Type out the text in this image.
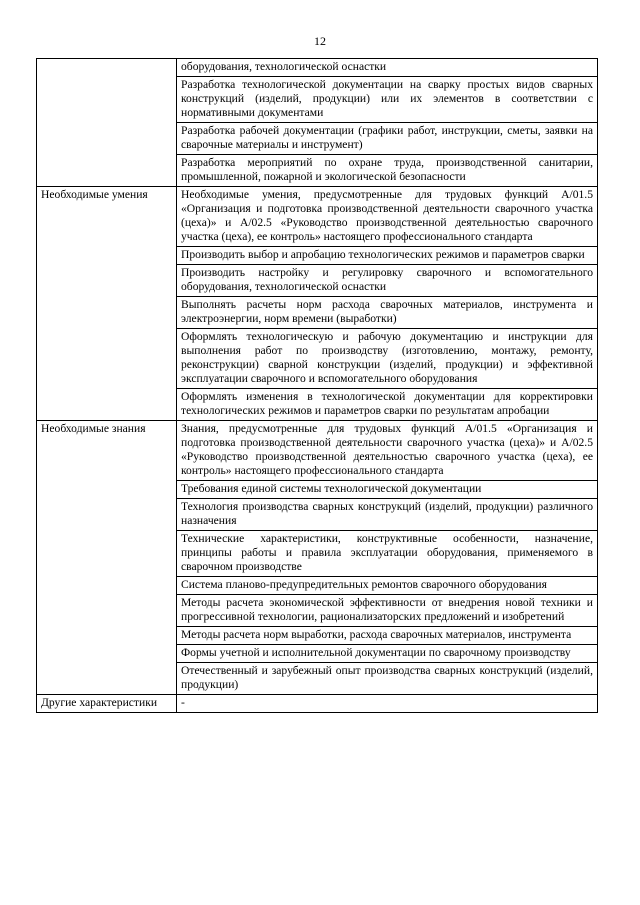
12
	оборудования, технологической оснастки
	Разработка технологической документации на сварку простых видов сварных конструкций (изделий, продукции) или их элементов в соответствии с нормативными документами
	Разработка рабочей документации (графики работ, инструкции, сметы, заявки на сварочные материалы и инструмент)
	Разработка мероприятий по охране труда, производственной санитарии, промышленной, пожарной и экологической безопасности
Необходимые умения	Необходимые умения, предусмотренные для трудовых функций А/01.5 «Организация и подготовка производственной деятельности сварочного участка (цеха)» и А/02.5 «Руководство производственной деятельностью сварочного участка (цеха), ее контроль» настоящего профессионального стандарта
	Производить выбор и апробацию технологических режимов и параметров сварки
	Производить настройку и регулировку сварочного и вспомогательного оборудования, технологической оснастки
	Выполнять расчеты норм расхода сварочных материалов, инструмента и электроэнергии, норм времени (выработки)
	Оформлять технологическую и рабочую документацию и инструкции для выполнения работ по производству (изготовлению, монтажу, ремонту, реконструкции) сварной конструкции (изделий, продукции) и эффективной эксплуатации сварочного и вспомогательного оборудования
	Оформлять изменения в технологической документации для корректировки технологических режимов и параметров сварки по результатам апробации
Необходимые знания	Знания, предусмотренные для трудовых функций А/01.5 «Организация и подготовка производственной деятельности сварочного участка (цеха)» и А/02.5 «Руководство производственной деятельностью сварочного участка (цеха), ее контроль» настоящего профессионального стандарта
	Требования единой системы технологической документации
	Технология производства сварных конструкций (изделий, продукции) различного назначения
	Технические характеристики, конструктивные особенности, назначение, принципы работы и правила эксплуатации оборудования, применяемого в сварочном производстве
	Система планово-предупредительных ремонтов сварочного оборудования
	Методы расчета экономической эффективности от внедрения новой техники и прогрессивной технологии, рационализаторских предложений и изобретений
	Методы расчета норм выработки, расхода сварочных материалов, инструмента
	Формы учетной и исполнительной документации по сварочному производству
	Отечественный и зарубежный опыт производства сварных конструкций (изделий, продукции)
Другие характеристики	-
